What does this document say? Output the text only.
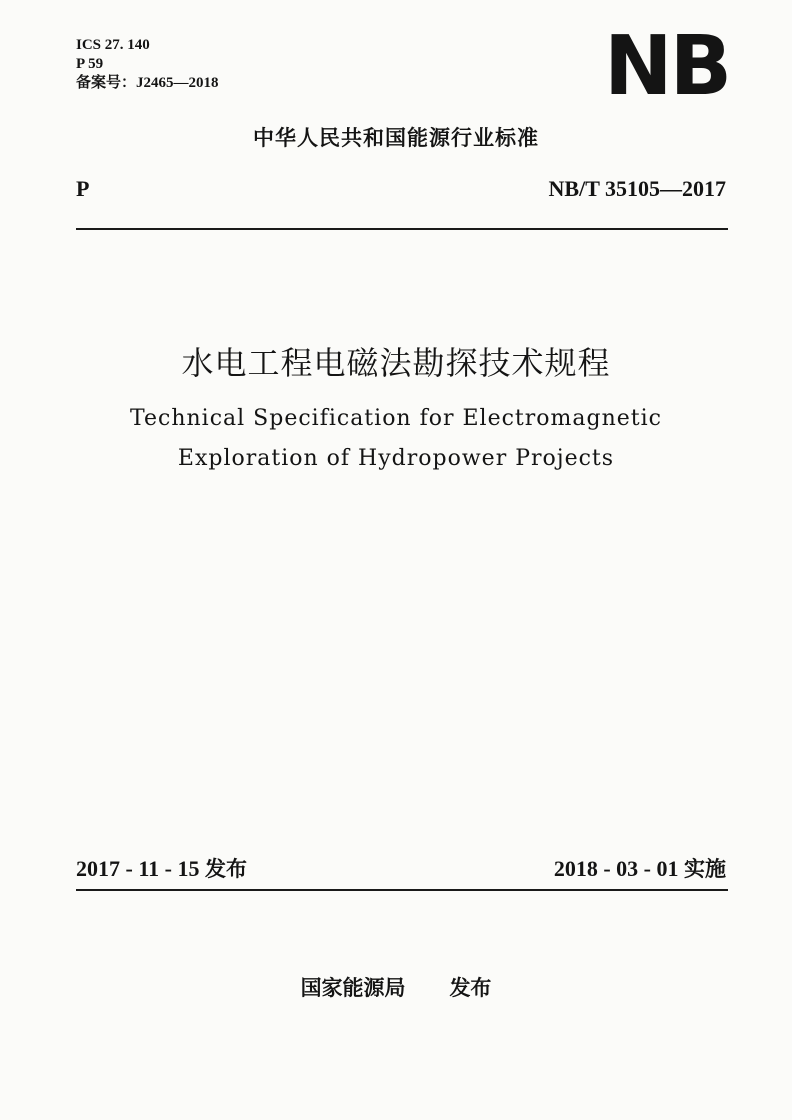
ICS 27. 140
P 59
备案号：J2465—2018	NB
中华人民共和国能源行业标准
P	NB/T 35105—2017
水电工程电磁法勘探技术规程
Technical Specification for Electromagnetic
Exploration of Hydropower Projects
2017 - 11 - 15 发布	2018 - 03 - 01 实施
国家能源局 发布
